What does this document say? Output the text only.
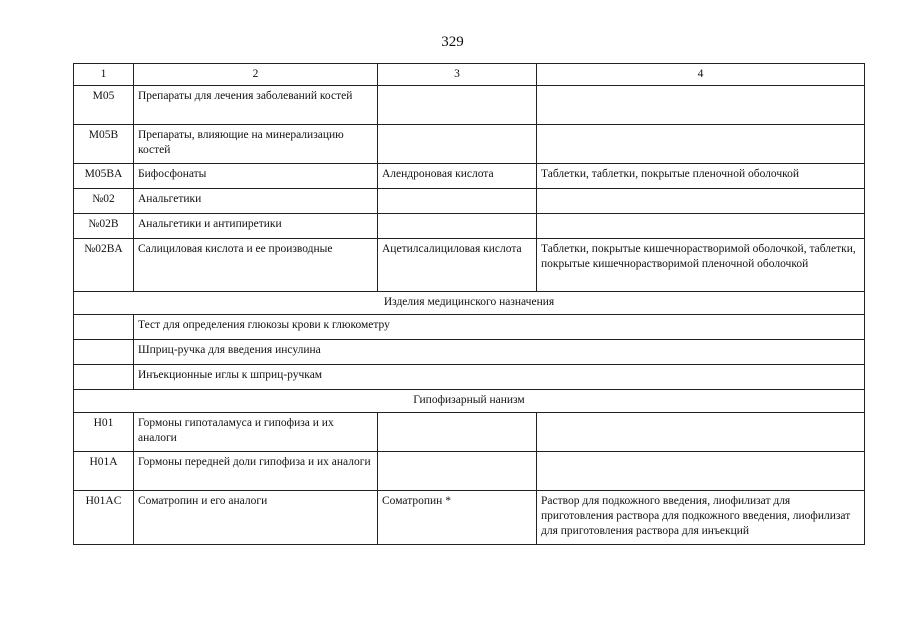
329
1	2	3	4
M05	Препараты для лечения заболеваний костей		
M05B	Препараты, влияющие на минерализацию костей		
M05BA	Бифосфонаты	Алендроновая кислота	Таблетки, таблетки, покрытые пленочной оболочкой
№02	Анальгетики		
№02B	Анальгетики и антипиретики		
№02BA	Салициловая кислота и ее производные	Ацетилсалициловая кислота	Таблетки, покрытые кишечнорастворимой оболочкой, таблетки, покрытые кишечнорастворимой пленочной оболочкой
Изделия медицинского назначения			
	Тест для определения глюкозы крови к глюкометру		
	Шприц-ручка для введения инсулина		
	Инъекционные иглы к шприц-ручкам		
Гипофизарный нанизм			
H01	Гормоны гипоталамуса и гипофиза и их аналоги		
H01A	Гормоны передней доли гипофиза и их аналоги		
H01AC	Соматропин и его аналоги	Соматропин *	Раствор для подкожного введения, лиофилизат для приготовления раствора для подкожного введения, лиофилизат для приготовления раствора для инъекций
